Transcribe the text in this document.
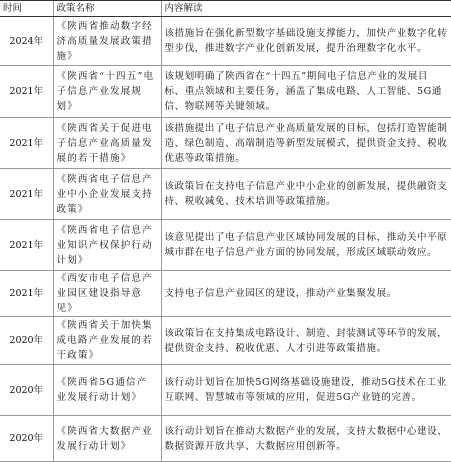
时间	政策名称	内容解读
2024年	《陕西省推动数字经济高质量发展政策措施》	该措施旨在强化新型数字基础设施支撑能力，加快产业数字化转型步伐，推进数字产业化创新发展，提升治理数字化水平。
2021年	《陕西省“十四五”电子信息产业发展规划》	该规划明确了陕西省在“十四五”期间电子信息产业的发展目标、重点领域和主要任务，涵盖了集成电路、人工智能、5G通信、物联网等关键领域。
2021年	《陕西省关于促进电子信息产业高质量发展的若干措施》	该措施提出了电子信息产业高质量发展的目标，包括打造智能制造、绿色制造、高端制造等新型发展模式，提供资金支持、税收优惠等政策措施。
2021年	《陕西省电子信息产业中小企业发展支持政策》	该政策旨在支持电子信息产业中小企业的创新发展，提供融资支持、税收减免、技术培训等政策措施。
2021年	《陕西省电子信息产业知识产权保护行动计划》	该意见提出了电子信息产业区域协同发展的目标，推动关中平原城市群在电子信息产业方面的协同发展，形成区域联动效应。
2021年	《西安市电子信息产业园区建设指导意见》	支持电子信息产业园区的建设，推动产业集聚发展。
2020年	《陕西省关于加快集成电路产业发展的若干政策》	该政策旨在支持集成电路设计、制造、封装测试等环节的发展，提供资金支持、税收优惠、人才引进等政策措施。
2020年	《陕西省5G通信产业发展行动计划》	该行动计划旨在加快5G网络基础设施建设，推动5G技术在工业互联网、智慧城市等领域的应用，促进5G产业链的完善。
2020年	《陕西省大数据产业发展行动计划》	该行动计划旨在推动大数据产业的发展，支持大数据中心建设、数据资源开放共享、大数据应用创新等。
